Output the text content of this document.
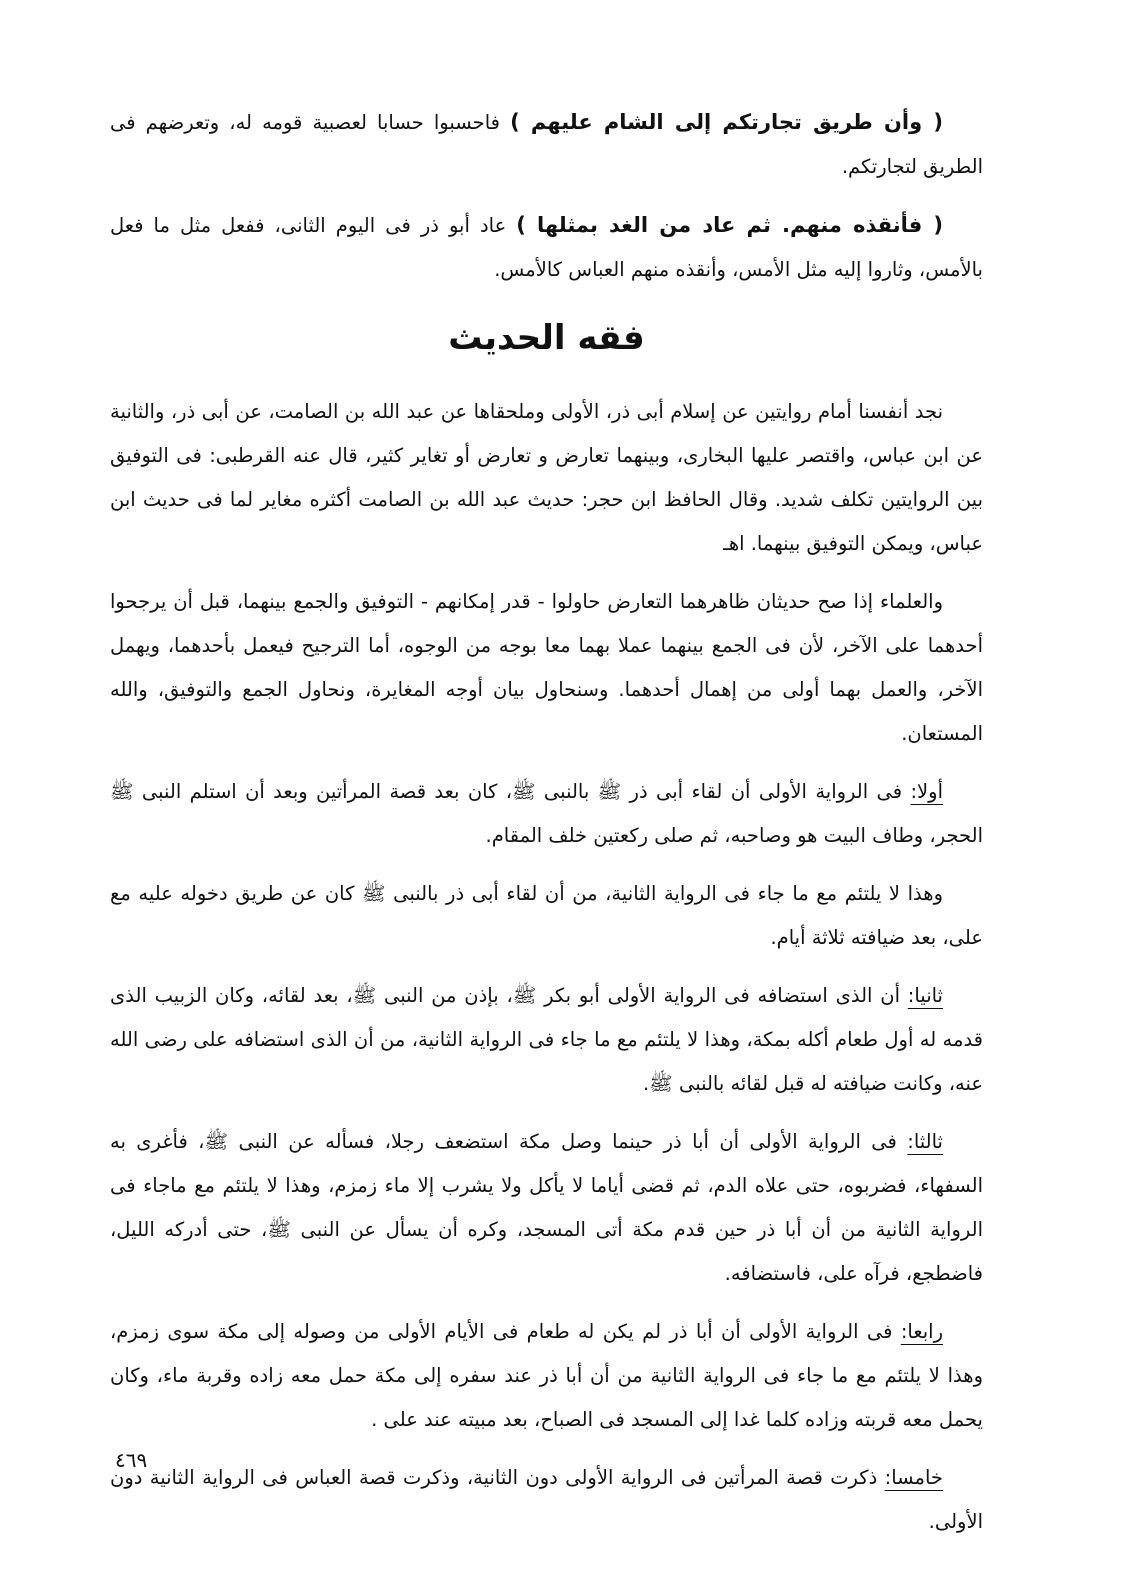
( وأن طريق تجارتكم إلى الشام عليهم ) فاحسبوا حسابا لعصبية قومه له، وتعرضهم فى الطريق لتجارتكم.

( فأنقذه منهم. ثم عاد من الغد بمثلها ) عاد أبو ذر فى اليوم الثانى، ففعل مثل ما فعل بالأمس، وثاروا إليه مثل الأمس، وأنقذه منهم العباس كالأمس.

فقه الحديث

نجد أنفسنا أمام روايتين عن إسلام أبى ذر، الأولى وملحقاها عن عبد الله بن الصامت، عن أبى ذر، والثانية عن ابن عباس، واقتصر عليها البخارى، وبينهما تعارض و تعارض أو تغاير كثير، قال عنه القرطبى: فى التوفيق بين الروايتين تكلف شديد. وقال الحافظ ابن حجر: حديث عبد الله بن الصامت أكثره مغاير لما فى حديث ابن عباس، ويمكن التوفيق بينهما. اهـ

والعلماء إذا صح حديثان ظاهرهما التعارض حاولوا - قدر إمكانهم - التوفيق والجمع بينهما، قبل أن يرجحوا أحدهما على الآخر، لأن فى الجمع بينهما عملا بهما معا بوجه من الوجوه، أما الترجيح فيعمل بأحدهما، ويهمل الآخر، والعمل بهما أولى من إهمال أحدهما. وسنحاول بيان أوجه المغايرة، ونحاول الجمع والتوفيق، والله المستعان.

أولا: فى الرواية الأولى أن لقاء أبى ذر ﷺ بالنبى ﷺ، كان بعد قصة المرأتين وبعد أن استلم النبى ﷺ الحجر، وطاف البيت هو وصاحبه، ثم صلى ركعتين خلف المقام.

وهذا لا يلتئم مع ما جاء فى الرواية الثانية، من أن لقاء أبى ذر بالنبى ﷺ كان عن طريق دخوله عليه مع على، بعد ضيافته ثلاثة أيام.

ثانيا: أن الذى استضافه فى الرواية الأولى أبو بكر ﷺ، بإذن من النبى ﷺ، بعد لقائه، وكان الزبيب الذى قدمه له أول طعام أكله بمكة، وهذا لا يلتئم مع ما جاء فى الرواية الثانية، من أن الذى استضافه على رضى الله عنه، وكانت ضيافته له قبل لقائه بالنبى ﷺ.

ثالثا: فى الرواية الأولى أن أبا ذر حينما وصل مكة استضعف رجلا، فسأله عن النبى ﷺ، فأغرى به السفهاء، فضربوه، حتى علاه الدم، ثم قضى أياما لا يأكل ولا يشرب إلا ماء زمزم، وهذا لا يلتئم مع ماجاء فى الرواية الثانية من أن أبا ذر حين قدم مكة أتى المسجد، وكره أن يسأل عن النبى ﷺ، حتى أدركه الليل، فاضطجع، فرآه على، فاستضافه.

رابعا: فى الرواية الأولى أن أبا ذر لم يكن له طعام فى الأيام الأولى من وصوله إلى مكة سوى زمزم، وهذا لا يلتئم مع ما جاء فى الرواية الثانية من أن أبا ذر عند سفره إلى مكة حمل معه زاده وقربة ماء، وكان يحمل معه قربته وزاده كلما غدا إلى المسجد فى الصباح، بعد مبيته عند على .

خامسا: ذكرت قصة المرأتين فى الرواية الأولى دون الثانية، وذكرت قصة العباس فى الرواية الثانية دون الأولى.

٤٦٩
